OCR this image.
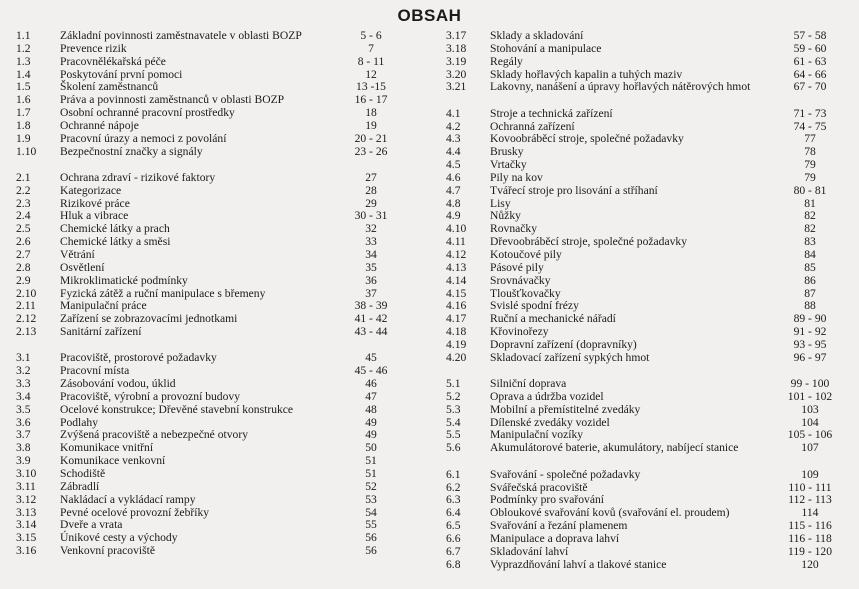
OBSAH
1.1	Základní povinnosti zaměstnavatele v oblasti BOZP	5 - 6
1.2	Prevence rizik	7
1.3	Pracovnělékařská péče	8 - 11
1.4	Poskytování první pomoci	12
1.5	Školení zaměstnanců	13 -15
1.6	Práva a povinnosti zaměstnanců v oblasti BOZP	16 - 17
1.7	Osobní ochranné pracovní prostředky	18
1.8	Ochranné nápoje	19
1.9	Pracovní úrazy a nemoci z povolání	20 - 21
1.10	Bezpečnostní značky a signály	23 - 26
2.1	Ochrana zdraví - rizikové faktory	27
2.2	Kategorizace	28
2.3	Rizikové práce	29
2.4	Hluk a vibrace	30 - 31
2.5	Chemické látky a prach	32
2.6	Chemické látky a směsi	33
2.7	Větrání	34
2.8	Osvětlení	35
2.9	Mikroklimatické podmínky	36
2.10	Fyzická zátěž a ruční manipulace s břemeny	37
2.11	Manipulační práce	38 - 39
2.12	Zařízení se zobrazovacími jednotkami	41 - 42
2.13	Sanitární zařízení	43 - 44
3.1	Pracoviště, prostorové požadavky	45
3.2	Pracovní místa	45 - 46
3.3	Zásobování vodou, úklid	46
3.4	Pracoviště, výrobní a provozní budovy	47
3.5	Ocelové konstrukce; Dřevěné stavební konstrukce	48
3.6	Podlahy	49
3.7	Zvýšená pracoviště a nebezpečné otvory	49
3.8	Komunikace vnitřní	50
3.9	Komunikace venkovní	51
3.10	Schodiště	51
3.11	Zábradlí	52
3.12	Nakládací a vykládací rampy	53
3.13	Pevné ocelové provozní žebříky	54
3.14	Dveře a vrata	55
3.15	Únikové cesty a východy	56
3.16	Venkovní pracoviště	56
3.17	Sklady a skladování	57 - 58
3.18	Stohování a manipulace	59 - 60
3.19	Regály	61 - 63
3.20	Sklady hořlavých kapalin a tuhých maziv	64 - 66
3.21	Lakovny, nanášení a úpravy hořlavých nátěrových hmot	67 - 70
4.1	Stroje a technická zařízení	71 - 73
4.2	Ochranná zařízení	74 - 75
4.3	Kovoobráběcí stroje, společné požadavky	77
4.4	Brusky	78
4.5	Vrtačky	79
4.6	Pily na kov	79
4.7	Tvářecí stroje pro lisování a stříhaní	80 - 81
4.8	Lisy	81
4.9	Nůžky	82
4.10	Rovnačky	82
4.11	Dřevoobráběcí stroje, společné požadavky	83
4.12	Kotoučové pily	84
4.13	Pásové pily	85
4.14	Srovnávačky	86
4.15	Tloušťkovačky	87
4.16	Svislé spodní frézy	88
4.17	Ruční a mechanické nářadí	89 - 90
4.18	Křovinořezy	91 - 92
4.19	Dopravní zařízení (dopravníky)	93 - 95
4.20	Skladovací zařízení sypkých hmot	96 - 97
5.1	Silniční doprava	99 - 100
5.2	Oprava a údržba vozidel	101 - 102
5.3	Mobilní a přemístitelné zvedáky	103
5.4	Dílenské zvedáky vozidel	104
5.5	Manipulační vozíky	105 - 106
5.6	Akumulátorové baterie, akumulátory, nabíjecí stanice	107
6.1	Svařování - společné požadavky	109
6.2	Svářečská pracoviště	110 - 111
6.3	Podmínky pro svařování	112 - 113
6.4	Obloukové svařování kovů (svařování el. proudem)	114
6.5	Svařování a řezání plamenem	115 - 116
6.6	Manipulace a doprava lahví	116 - 118
6.7	Skladování lahví	119 - 120
6.8	Vyprazdňování lahví a tlakové stanice	120
